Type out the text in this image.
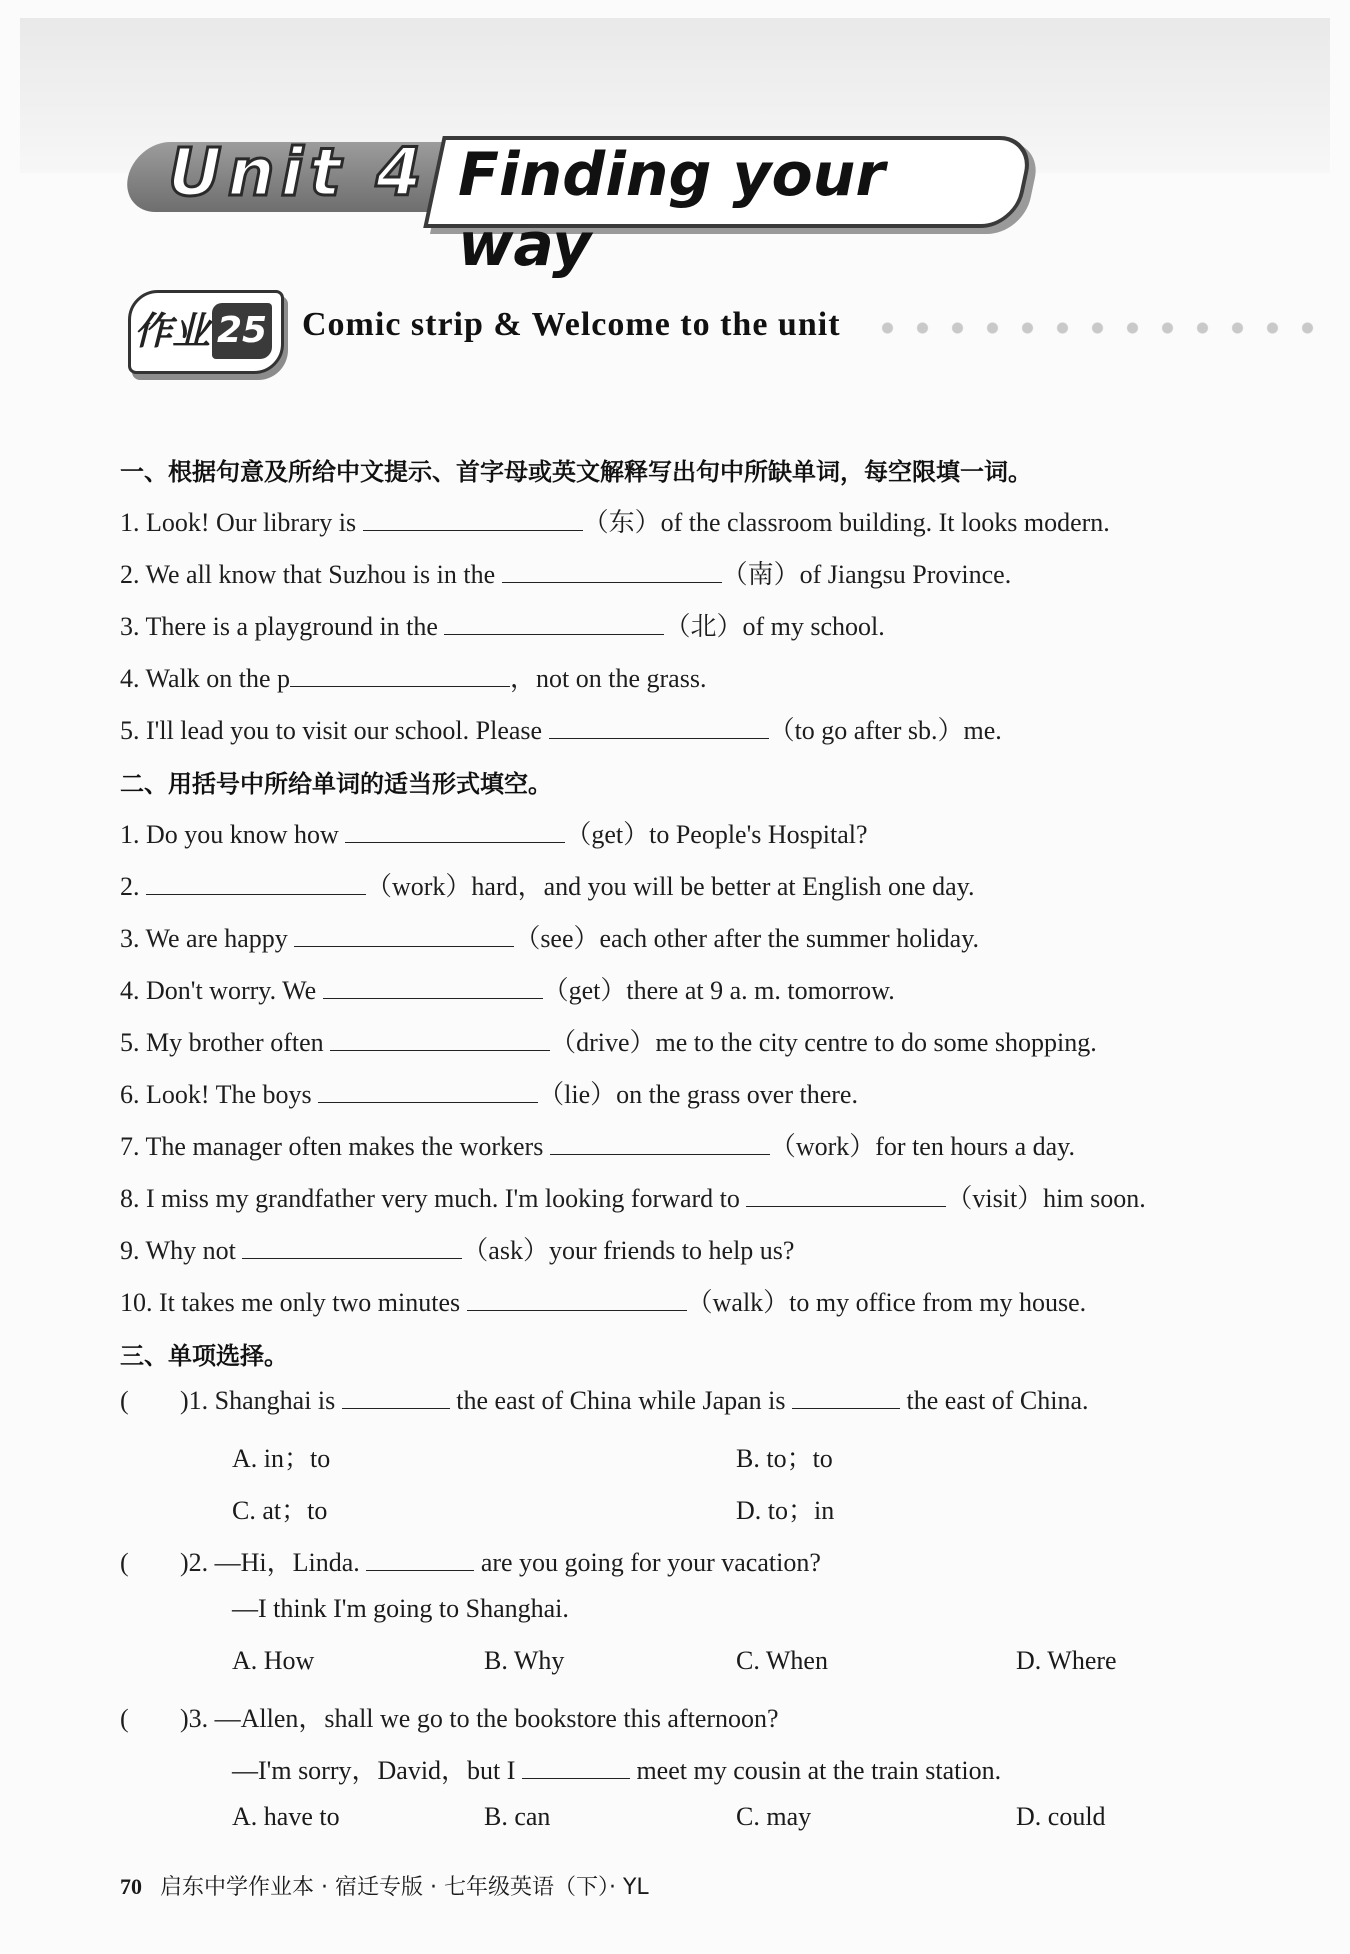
Unit 4 Finding your way
作业 25 Comic strip & Welcome to the unit
一、根据句意及所给中文提示、首字母或英文解释写出句中所缺单词，每空限填一词。
1. Look! Our library is	（东）of the classroom building. It looks modern.
2. We all know that Suzhou is in the	（南）of Jiangsu Province.
3. There is a playground in the	（北）of my school.
4. Walk on the p	，not on the grass.
5. I'll lead you to visit our school. Please	（to go after sb.）me.
二、用括号中所给单词的适当形式填空。
1. Do you know how	（get）to People's Hospital?
2.	（work）hard，and you will be better at English one day.
3. We are happy	（see）each other after the summer holiday.
4. Don't worry. We	（get）there at 9 a. m. tomorrow.
5. My brother often	（drive）me to the city centre to do some shopping.
6. Look! The boys	（lie）on the grass over there.
7. The manager often makes the workers	（work）for ten hours a day.
8. I miss my grandfather very much. I'm looking forward to	（visit）him soon.
9. Why not	（ask）your friends to help us?
10. It takes me only two minutes	（walk）to my office from my house.
三、单项选择。
( )1. Shanghai is	the east of China while Japan is	the east of China.
A. in；to	B. to；to
C. at；to	D. to；in
( )2. —Hi，Linda.	are you going for your vacation?
—I think I'm going to Shanghai.
A. How	B. Why	C. When	D. Where
( )3. —Allen，shall we go to the bookstore this afternoon?
—I'm sorry，David，but I	meet my cousin at the train station.
A. have to	B. can	C. may	D. could
70 启东中学作业本 · 宿迁专版 · 七年级英语（下）· YL
